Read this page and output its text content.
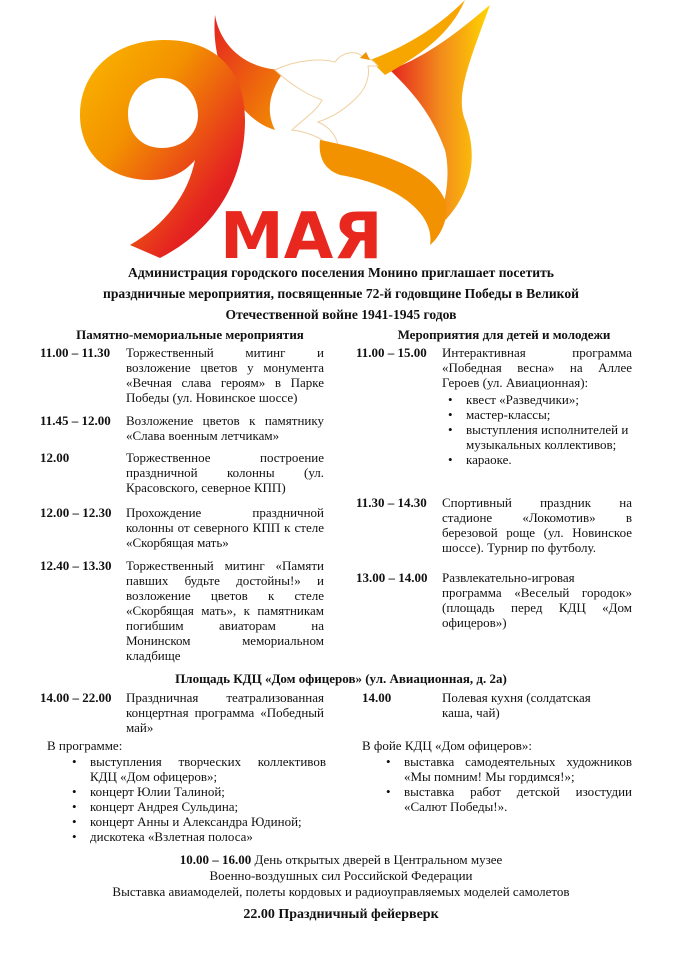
МАЯ
Администрация городского поселения Монино приглашает посетить
праздничные мероприятия, посвященные 72-й годовщине Победы в Великой
Отечественной войне 1941-1945 годов
Памятно-мемориальные мероприятия	Мероприятия для детей и молодежи
11.00 – 11.30 Торжественный митинг и возложение цветов у монумента «Вечная слава героям» в Парке Победы (ул. Новинское шоссе)
11.45 – 12.00 Возложение цветов к памятнику «Слава военным летчикам»
12.00	Торжественное построение праздничной колонны (ул. Красовского, северное КПП)
12.00 – 12.30 Прохождение праздничной колонны от северного КПП к стеле «Скорбящая мать»
12.40 – 13.30 Торжественный митинг «Памяти павших будьте достойны!» и возложение цветов к стеле «Скорбящая мать», к памятникам погибшим авиаторам на Монинском мемориальном кладбище
11.00 – 15.00 Интерактивная программа «Победная весна» на Аллее Героев (ул. Авиационная):
• квест «Разведчики»;
• мастер-классы;
• выступления исполнителей и музыкальных коллективов;
• караоке.
11.30 – 14.30 Спортивный праздник на стадионе «Локомотив» в березовой роще (ул. Новинское шоссе). Турнир по футболу.
13.00 – 14.00 Развлекательно-игровая программа «Веселый городок» (площадь перед КДЦ «Дом офицеров»)
Площадь КДЦ «Дом офицеров» (ул. Авиационная, д. 2а)
14.00 – 22.00 Праздничная театрализованная концертная программа «Победный май»
14.00	Полевая кухня (солдатская каша, чай)
В программе:
• выступления творческих коллективов КДЦ «Дом офицеров»;
• концерт Юлии Талиной;
• концерт Андрея Сульдина;
• концерт Анны и Александра Юдиной;
• дискотека «Взлетная полоса»
В фойе КДЦ «Дом офицеров»:
• выставка самодеятельных художников «Мы помним! Мы гордимся!»;
• выставка работ детской изостудии «Салют Победы!».
10.00 – 16.00 День открытых дверей в Центральном музее
Военно-воздушных сил Российской Федерации
Выставка авиамоделей, полеты кордовых и радиоуправляемых моделей самолетов
22.00 Праздничный фейерверк
